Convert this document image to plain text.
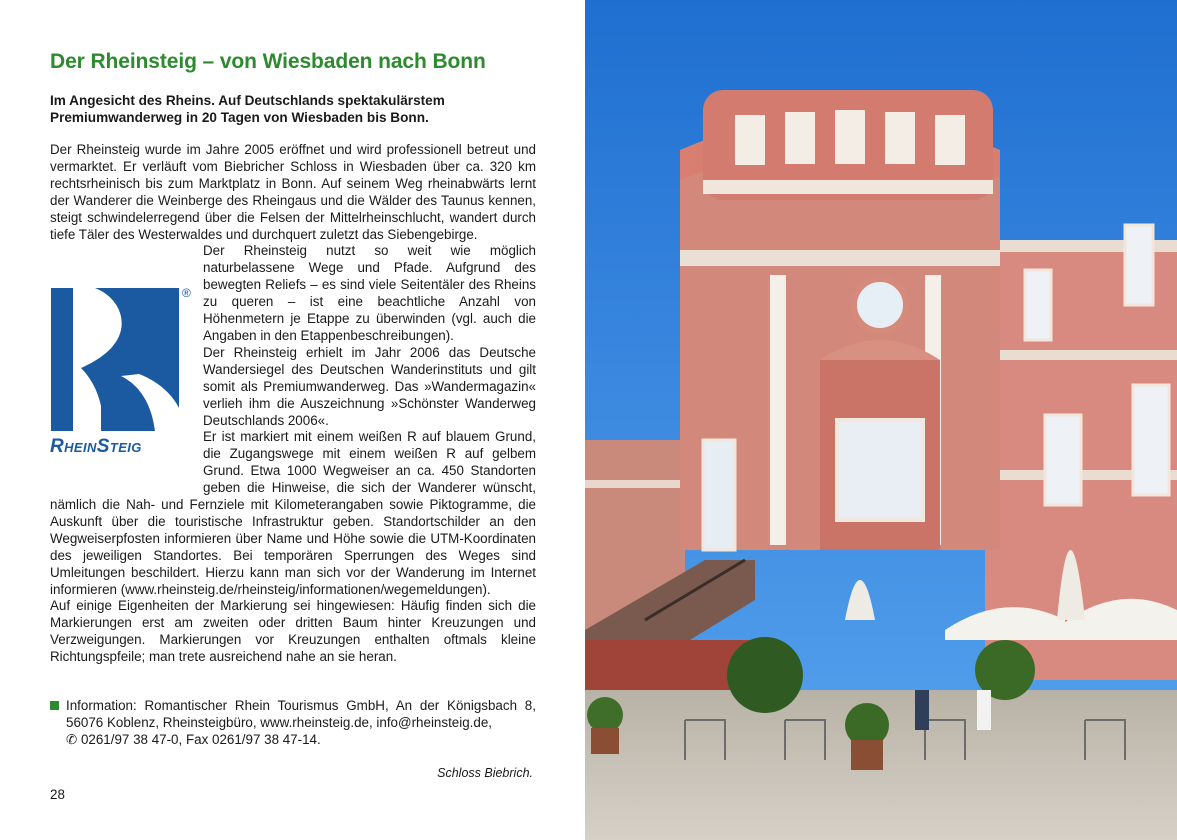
Der Rheinsteig – von Wiesbaden nach Bonn
Im Angesicht des Rheins. Auf Deutschlands spektakulärstem Premiumwanderweg in 20 Tagen von Wiesbaden bis Bonn.

Der Rheinsteig wurde im Jahre 2005 eröffnet und wird professionell betreut und vermarktet. Er verläuft vom Biebricher Schloss in Wiesbaden über ca. 320 km rechtsrheinisch bis zum Marktplatz in Bonn. Auf seinem Weg rheinabwärts lernt der Wanderer die Weinberge des Rheingaus und die Wälder des Taunus kennen, steigt schwindelerregend über die Felsen der Mittelrheinschlucht, wandert durch tiefe Täler des Westerwaldes und durchquert zuletzt das Siebengebirge.

®
RheinSteig

Der Rheinsteig nutzt so weit wie möglich naturbelassene Wege und Pfade. Aufgrund des bewegten Reliefs – es sind viele Seitentäler des Rheins zu queren – ist eine beachtliche Anzahl von Höhenmetern je Etappe zu überwinden (vgl. auch die Angaben in den Etappenbeschreibungen).

Der Rheinsteig erhielt im Jahr 2006 das Deutsche Wandersiegel des Deutschen Wanderinstituts und gilt somit als Premiumwanderweg. Das »Wandermagazin« verlieh ihm die Auszeichnung »Schönster Wanderweg Deutschlands 2006«.

Er ist markiert mit einem weißen R auf blauem Grund, die Zugangswege mit einem weißen R auf gelbem Grund. Etwa 1000 Wegweiser an ca. 450 Standorten geben die Hinweise, die sich der Wanderer wünscht, nämlich die Nah- und Fernziele mit Kilometerangaben sowie Piktogramme, die Auskunft über die touristische Infrastruktur geben. Standortschilder an den Wegweiserpfosten informieren über Name und Höhe sowie die UTM-Koordinaten des jeweiligen Standortes. Bei temporären Sperrungen des Weges sind Umleitungen beschildert. Hierzu kann man sich vor der Wanderung im Internet informieren (www.rheinsteig.de/rheinsteig/informationen/wegemeldungen).

Auf einige Eigenheiten der Markierung sei hingewiesen: Häufig finden sich die Markierungen erst am zweiten oder dritten Baum hinter Kreuzungen und Verzweigungen. Markierungen vor Kreuzungen enthalten oftmals kleine Richtungspfeile; man trete ausreichend nahe an sie heran.

Information: Romantischer Rhein Tourismus GmbH, An der Königsbach 8, 56076 Koblenz, Rheinsteigbüro, www.rheinsteig.de, info@rheinsteig.de,
✆ 0261/97 38 47-0, Fax 0261/97 38 47-14.
Schloss Biebrich.
28
